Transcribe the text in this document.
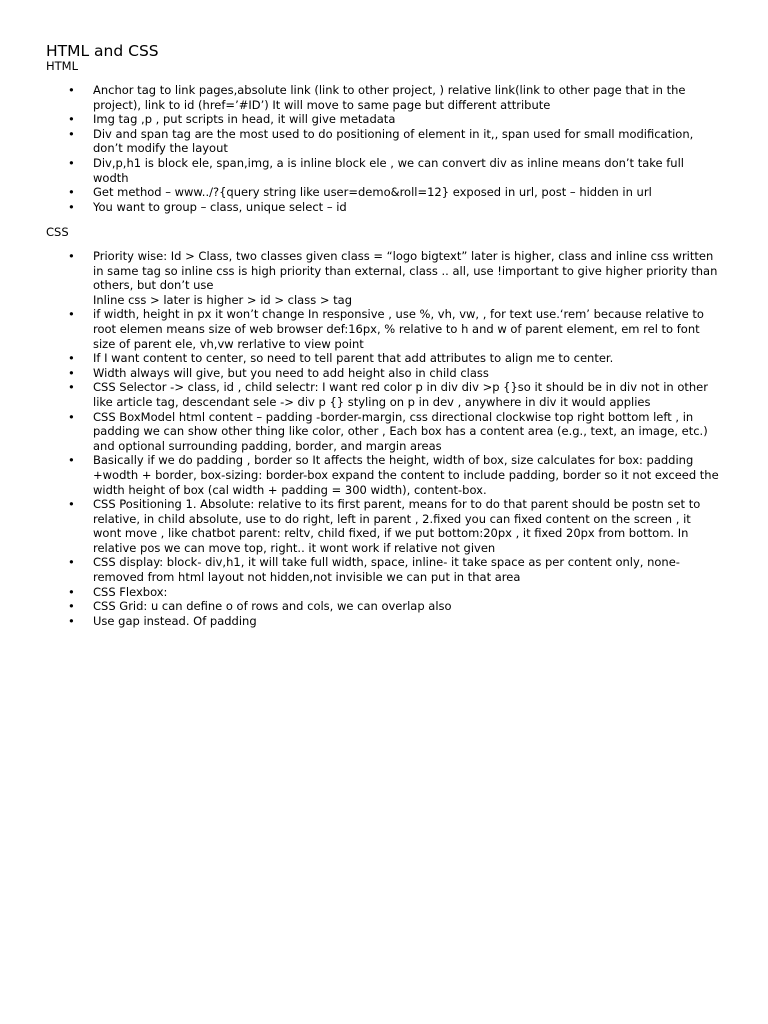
HTML and CSS
HTML
• Anchor tag to link pages,absolute link (link to other project, ) relative link(link to other page that in the project), link to id (href=’#ID’) It will move to same page but different attribute
• Img tag ,p , put scripts in head, it will give metadata
• Div and span tag are the most used to do positioning of element in it,, span used for small modification, don’t modify the layout
• Div,p,h1 is block ele, span,img, a is inline block ele , we can convert div as inline means don’t take full wodth
• Get method – www../?{query string like user=demo&roll=12} exposed in url, post – hidden in url
• You want to group – class, unique select – id
CSS
• Priority wise: Id > Class, two classes given class = “logo bigtext” later is higher, class and inline css written in same tag so inline css is high priority than external, class .. all, use !important to give higher priority than others, but don’t use
Inline css > later is higher > id > class > tag
• if width, height in px it won’t change In responsive , use %, vh, vw, , for text use.‘rem’ because relative to root elemen means size of web browser def:16px, % relative to h and w of parent element, em rel to font size of parent ele, vh,vw rerlative to view point
• If I want content to center, so need to tell parent that add attributes to align me to center.
• Width always will give, but you need to add height also in child class
• CSS Selector -> class, id , child selectr: I want red color p in div div >p {}so it should be in div not in other like article tag, descendant sele -> div p {} styling on p in dev , anywhere in div it would applies
• CSS BoxModel html content – padding -border-margin, css directional clockwise top right bottom left , in padding we can show other thing like color, other , Each box has a content area (e.g., text, an image, etc.) and optional surrounding padding, border, and margin areas
• Basically if we do padding , border so It affects the height, width of box, size calculates for box: padding +wodth + border, box-sizing: border-box expand the content to include padding, border so it not exceed the width height of box (cal width + padding = 300 width), content-box.
• CSS Positioning 1. Absolute: relative to its first parent, means for to do that parent should be postn set to relative, in child absolute, use to do right, left in parent , 2.fixed you can fixed content on the screen , it wont move , like chatbot parent: reltv, child fixed, if we put bottom:20px , it fixed 20px from bottom. In relative pos we can move top, right.. it wont work if relative not given
• CSS display: block- div,h1, it will take full width, space, inline- it take space as per content only, none- removed from html layout not hidden,not invisible we can put in that area
• CSS Flexbox:
• CSS Grid: u can define o of rows and cols, we can overlap also
• Use gap instead. Of padding
